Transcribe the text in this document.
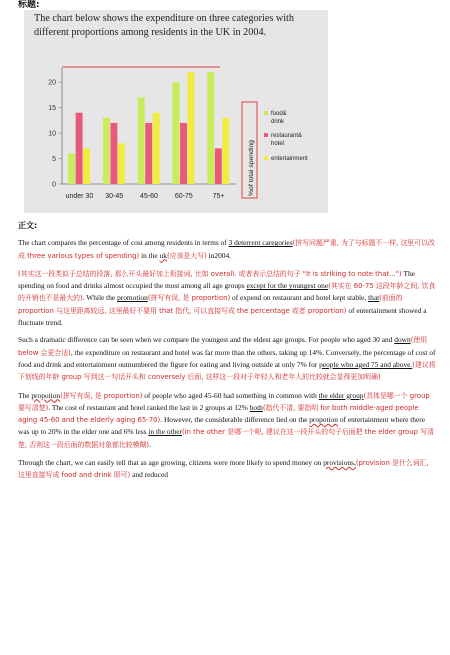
标题:
The chart below shows the expenditure on three categories with different proportions among residents in the UK in 2004.
0
5
10
15
20
under 30 30-45 45-60 60-75	75+
%of total spending
food&
drink
restaurant&
hotel
entertainment

正文:

The chart compares the percentage of cost among residents in terms of 3 deterrent caregories(拼写问题严重, 为了与标题不一样, 这里可以改成 three various types of spending) in the uk(应该是大写) in2004.

(其实这一段类似于总结的段落, 那么开头最好加上衔接词, 比如 overall. 或者表示总结的句子 "it is striking to note that...") The spending on food and drinks almost occupied the most among all age groups except for the youngest one(其实在 60-75 这段年龄之间, 饮食的开销也不是最大的). While the promotion(拼写有误, 是 proportion) of expend on restaurant and hotel kept stable, that(前面的 proportion 与这里距离较远, 这里最好不要用 that 指代, 可以直接写成 the percentage 或者 proportion) of entertainment showed a fluctuate trend.

Such a dramatic difference can be seen when we compare the youngest and the eldest age groups. For people who aged 30 and down(使用 below 会更合适), the expenditure on restaurant and hotel was far more than the others, taking up 14%. Conversely, the percentage of cost of food and drink and entertainment outnumbered the figure for eating and living outside at only 7% for people who aged 75 and above.(建议将下划线的年龄 group 写到这一句话开头和 conversely 后面, 这样这一段对于年轻人和老年人的比较就会显得更加明确)

The propotion(拼写有误, 是 proportion) of people who aged 45-60 had something in common with the elder group(具体是哪一个 group 要写清楚). The cost of restaurant and hotel ranked the last in 2 groups at 12% both(指代不清, 要指明 for both middle-aged people aging 45-60 and the elderly aging 65-70). However, the considerable difference lied on the propotion of entertainment where there was up to 20% in the elder one and 6% less in the other(in the other 是哪一个呢, 建议在这一段开头的句子后面把 the elder group 写清楚, 否则这一段后面的数据对象都比较模糊).

Through the chart, we can easily tell that as age growing, citizens were more likely to spend money on provisions,(provision 是什么词汇, 这里直接写成 food and drink 即可) and reduced
